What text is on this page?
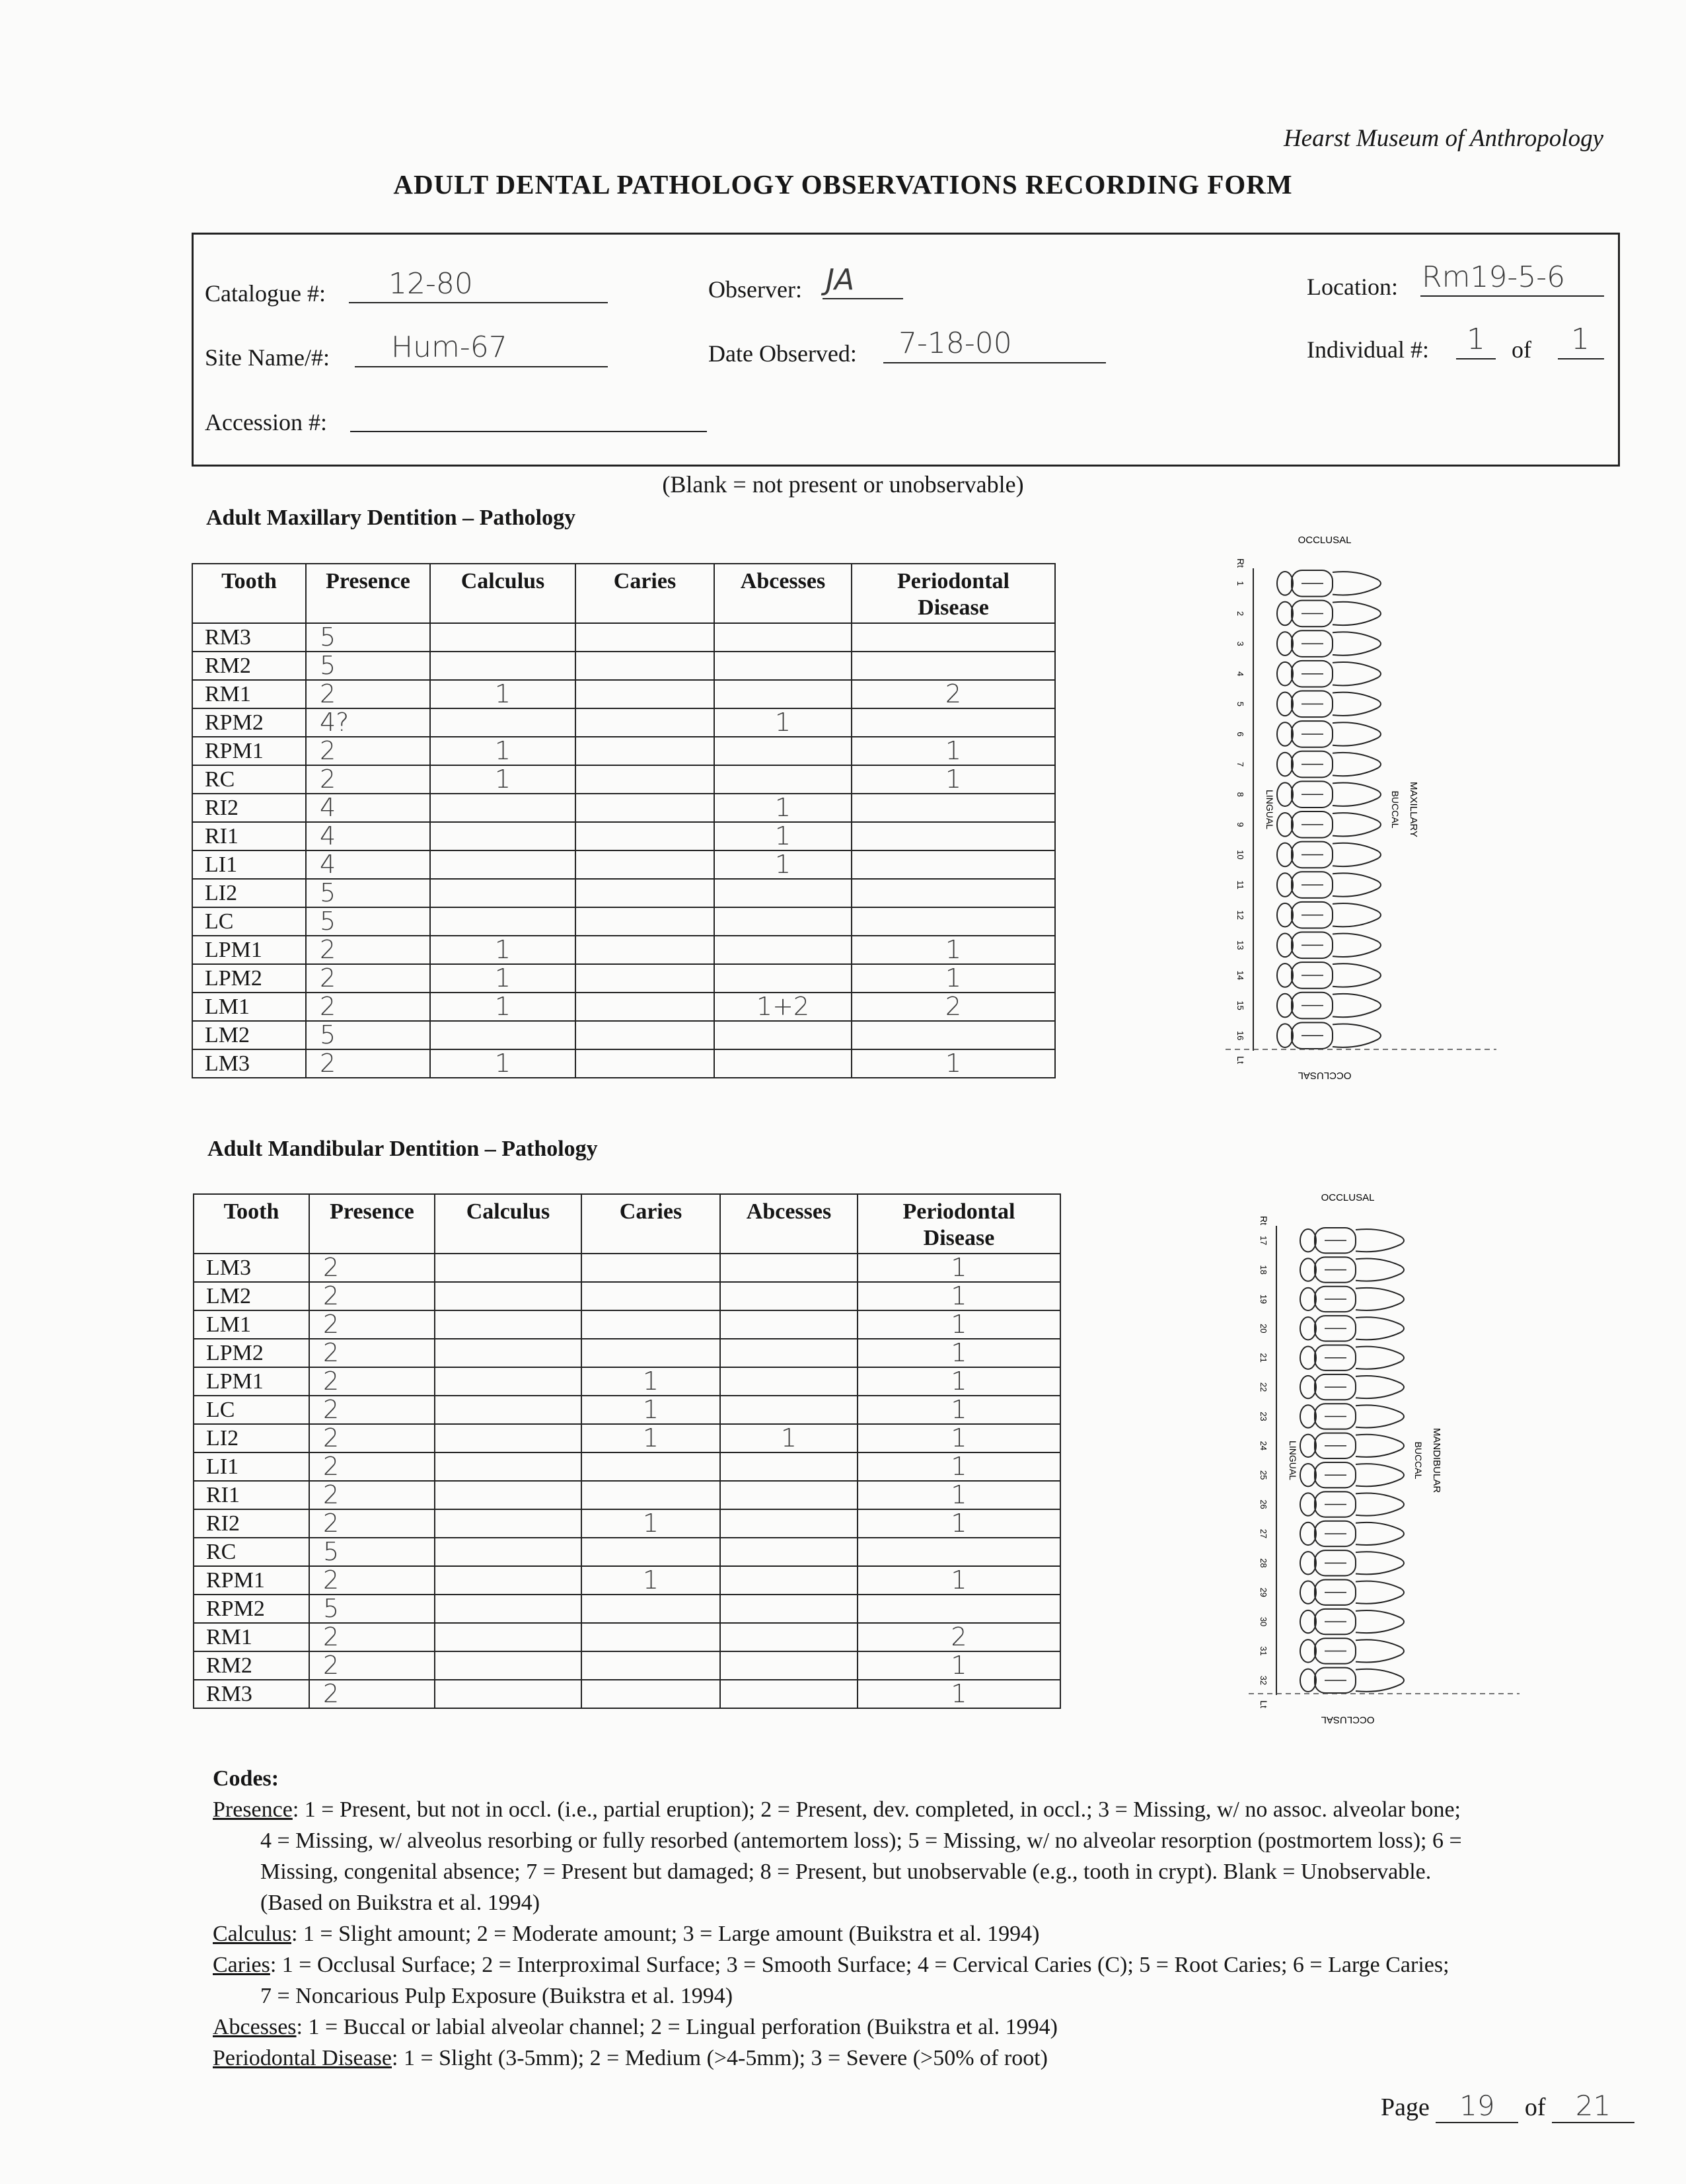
Hearst Museum of Anthropology
ADULT DENTAL PATHOLOGY OBSERVATIONS RECORDING FORM
Catalogue #: 12-80	Observer: JA	Location: Rm19-5-6
Site Name/#: Hum-67	Date Observed: 7-18-00	Individual #: 1 of 1
Accession #:
(Blank = not present or unobservable)
Adult Maxillary Dentition – Pathology
Tooth	Presence	Calculus	Caries	Abcesses	Periodontal
Disease
RM3	5				
RM2	5				
RM1	2	1			2
RPM2	4?			1	
RPM1	2	1			1
RC	2	1			1
RI2	4			1	
RI1	4			1	
LI1	4			1	
LI2	5				
LC	5				
LPM1	2	1			1
LPM2	2	1			1
LM1	2	1		1+2	2
LM2	5				
LM3	2	1			1
OCCLUSAL
OCCLUSAL
LINGUAL	BUCCAL MAXILLARY
Rt
Lt
1
2
3
4
5
6
7
8
9
10
11
12
13
14
15
16
Adult Mandibular Dentition – Pathology
Tooth	Presence	Calculus	Caries	Abcesses	Periodontal
Disease
LM3	2				1
LM2	2				1
LM1	2				1
LPM2	2				1
LPM1	2		1		1
LC	2		1		1
LI2	2		1	1	1
LI1	2				1
RI1	2				1
RI2	2		1		1
RC	5				
RPM1	2		1		1
RPM2	5				
RM1	2				2
RM2	2				1
RM3	2				1
OCCLUSAL
OCCLUSAL
LINGUAL	BUCCAL MANDIBULAR
Rt
Lt
17
18
19
20
21
22
23
24
25
26
27
28
29
30
31
32
Codes:
Presence: 1 = Present, but not in occl. (i.e., partial eruption); 2 = Present, dev. completed, in occl.; 3 = Missing, w/ no assoc. alveolar bone;
4 = Missing, w/ alveolus resorbing or fully resorbed (antemortem loss); 5 = Missing, w/ no alveolar resorption (postmortem loss); 6 =
Missing, congenital absence; 7 = Present but damaged; 8 = Present, but unobservable (e.g., tooth in crypt). Blank = Unobservable.
(Based on Buikstra et al. 1994)
Calculus: 1 = Slight amount; 2 = Moderate amount; 3 = Large amount (Buikstra et al. 1994)
Caries: 1 = Occlusal Surface; 2 = Interproximal Surface; 3 = Smooth Surface; 4 = Cervical Caries (C); 5 = Root Caries; 6 = Large Caries;
7 = Noncarious Pulp Exposure (Buikstra et al. 1994)
Abcesses: 1 = Buccal or labial alveolar channel; 2 = Lingual perforation (Buikstra et al. 1994)
Periodontal Disease: 1 = Slight (3-5mm); 2 = Medium (>4-5mm); 3 = Severe (>50% of root)
Page 19 of 21
